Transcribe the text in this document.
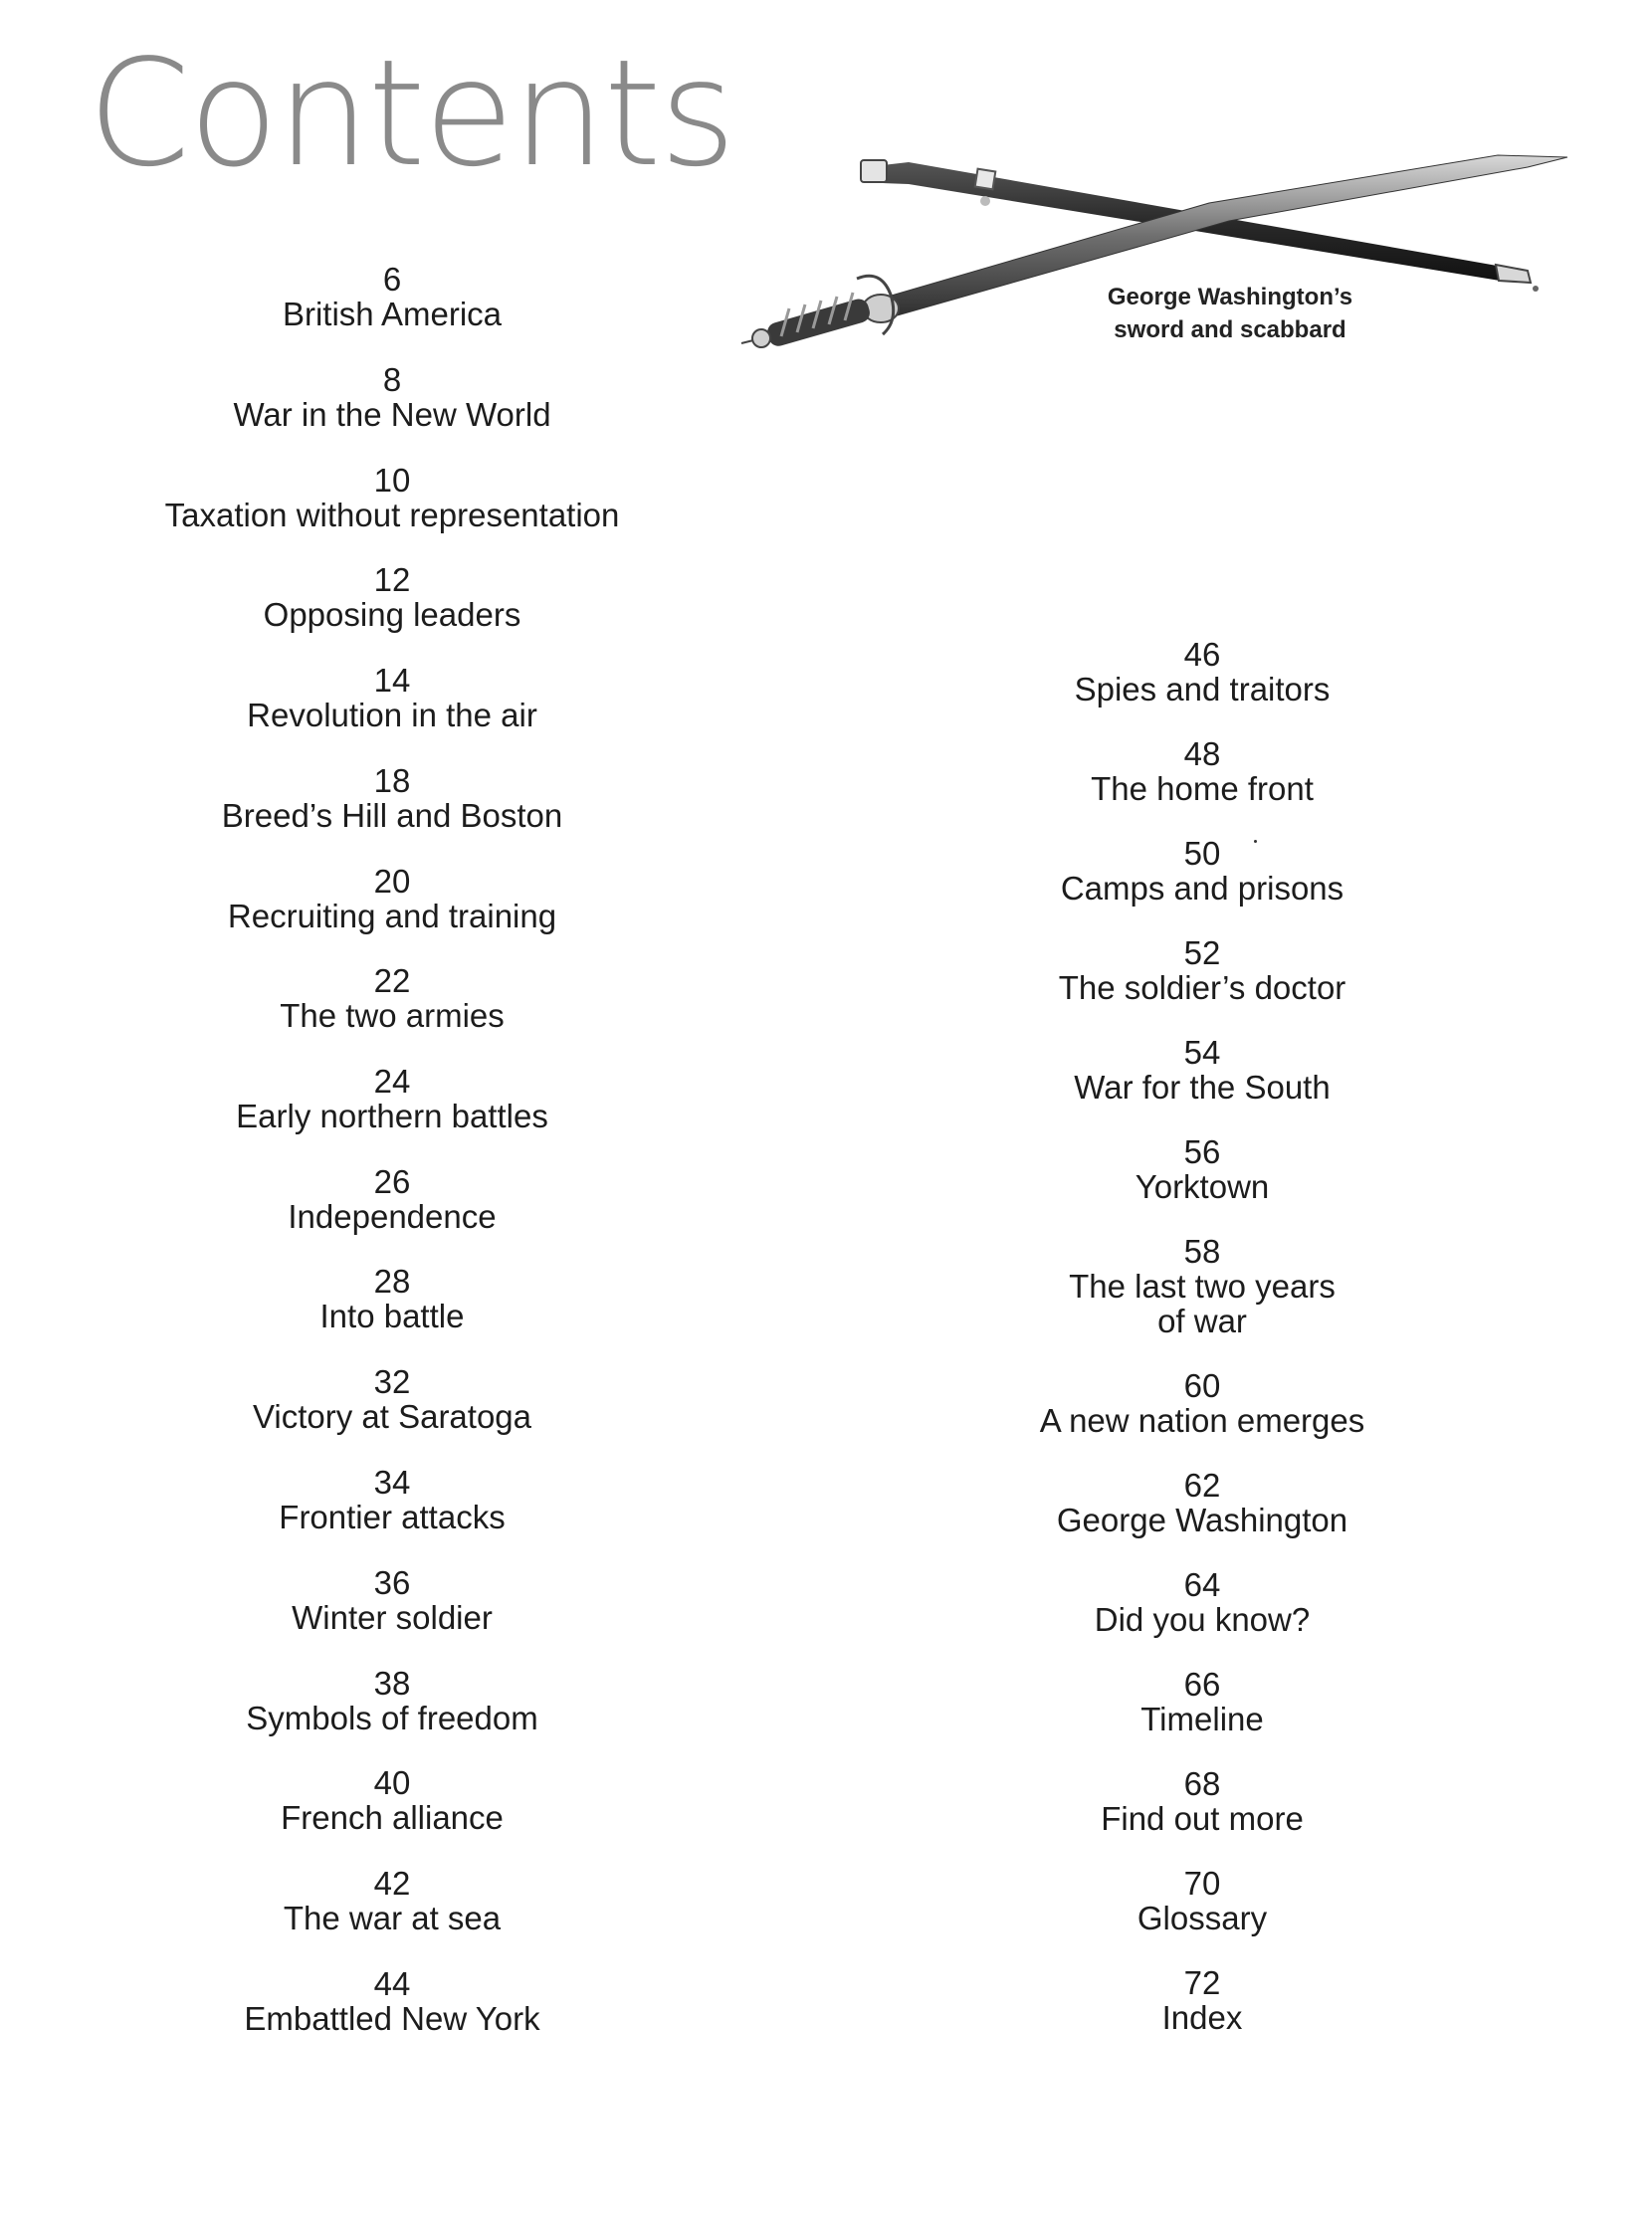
Contents
George Washington’s
sword and scabbard
6
British America
8
War in the New World
10
Taxation without representation
12
Opposing leaders
14
Revolution in the air
18
Breed’s Hill and Boston
20
Recruiting and training
22
The two armies
24
Early northern battles
26
Independence
28
Into battle
32
Victory at Saratoga
34
Frontier attacks
36
Winter soldier
38
Symbols of freedom
40
French alliance
42
The war at sea
44
Embattled New York
46
Spies and traitors
48
The home front
50
Camps and prisons
52
The soldier’s doctor
54
War for the South
56
Yorktown
58
The last two years
of war
60
A new nation emerges
62
George Washington
64
Did you know?
66
Timeline
68
Find out more
70
Glossary
72
Index
